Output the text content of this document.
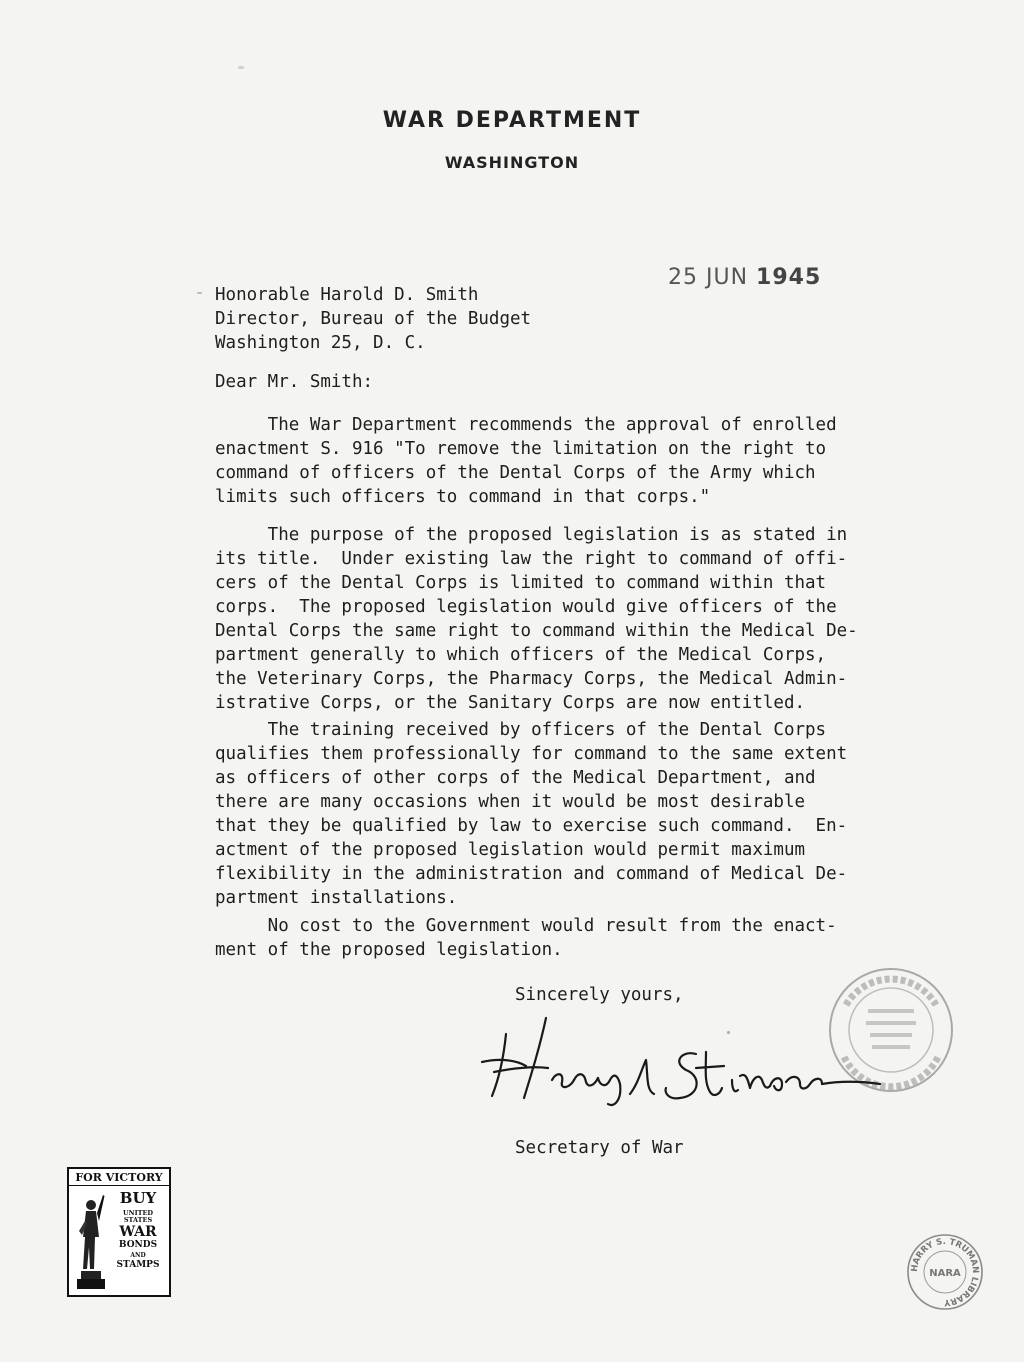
WAR DEPARTMENT
WASHINGTON
25 JUN 1945
Honorable Harold D. Smith
Director, Bureau of the Budget
Washington 25, D. C.
Dear Mr. Smith:
The War Department recommends the approval of enrolled
enactment S. 916 "To remove the limitation on the right to
command of officers of the Dental Corps of the Army which
limits such officers to command in that corps."
The purpose of the proposed legislation is as stated in
its title.  Under existing law the right to command of offi-
cers of the Dental Corps is limited to command within that
corps.  The proposed legislation would give officers of the
Dental Corps the same right to command within the Medical De-
partment generally to which officers of the Medical Corps,
the Veterinary Corps, the Pharmacy Corps, the Medical Admin-
istrative Corps, or the Sanitary Corps are now entitled.
The training received by officers of the Dental Corps
qualifies them professionally for command to the same extent
as officers of other corps of the Medical Department, and
there are many occasions when it would be most desirable
that they be qualified by law to exercise such command.  En-
actment of the proposed legislation would permit maximum
flexibility in the administration and command of Medical De-
partment installations.
No cost to the Government would result from the enact-
ment of the proposed legislation.
Sincerely yours,
Secretary of War
FOR VICTORY
BUY
UNITED
STATES
WAR
BONDS
AND
STAMPS	HARRY S. TRUMAN LIBRARY
NARA
